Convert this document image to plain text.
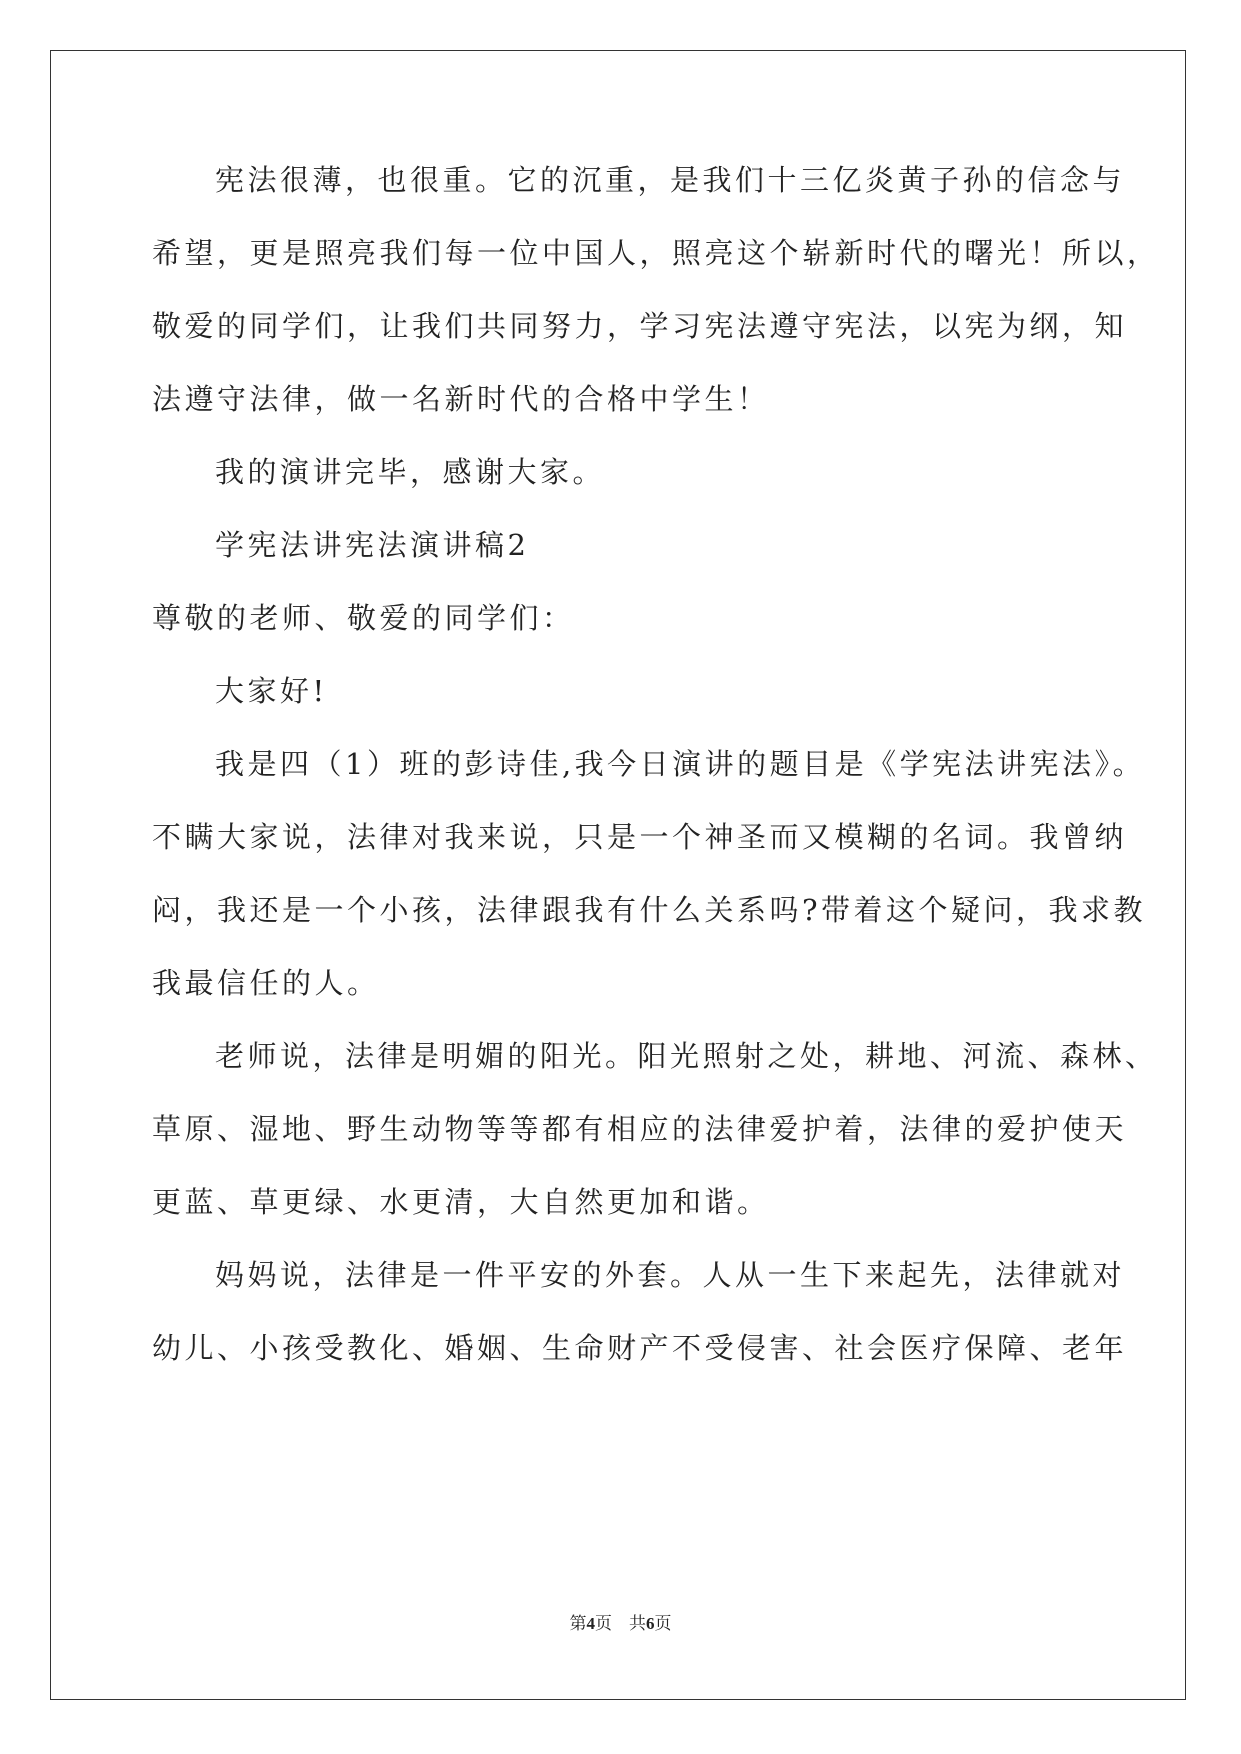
宪法很薄，也很重。它的沉重，是我们十三亿炎黄子孙的信念与
希望，更是照亮我们每一位中国人，照亮这个崭新时代的曙光！所以，
敬爱的同学们，让我们共同努力，学习宪法遵守宪法，以宪为纲，知
法遵守法律，做一名新时代的合格中学生！
我的演讲完毕，感谢大家。
学宪法讲宪法演讲稿2
尊敬的老师、敬爱的同学们：
大家好!
我是四（1）班的彭诗佳,我今日演讲的题目是《学宪法讲宪法》。
不瞒大家说，法律对我来说，只是一个神圣而又模糊的名词。我曾纳
闷，我还是一个小孩，法律跟我有什么关系吗?带着这个疑问，我求教
我最信任的人。
老师说，法律是明媚的阳光。阳光照射之处，耕地、河流、森林、
草原、湿地、野生动物等等都有相应的法律爱护着，法律的爱护使天
更蓝、草更绿、水更清，大自然更加和谐。
妈妈说，法律是一件平安的外套。人从一生下来起先，法律就对
幼儿、小孩受教化、婚姻、生命财产不受侵害、社会医疗保障、老年
第4页　共6页
